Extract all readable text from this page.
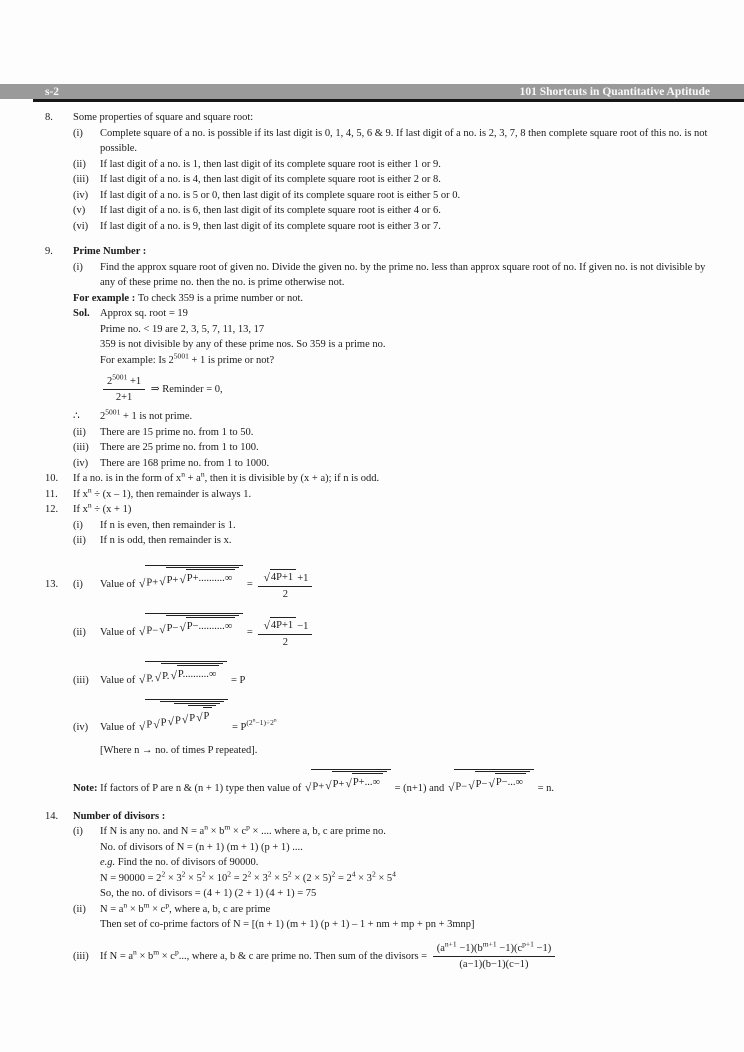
s-2	101 Shortcuts in Quantitative Aptitude
8. Some properties of square and square root:
(i) Complete square of a no. is possible if its last digit is 0, 1, 4, 5, 6 & 9. If last digit of a no. is 2, 3, 7, 8 then complete square root of this no. is not possible.
(ii) If last digit of a no. is 1, then last digit of its complete square root is either 1 or 9.
(iii) If last digit of a no. is 4, then last digit of its complete square root is either 2 or 8.
(iv) If last digit of a no. is 5 or 0, then last digit of its complete square root is either 5 or 0.
(v) If last digit of a no. is 6, then last digit of its complete square root is either 4 or 6.
(vi) If last digit of a no. is 9, then last digit of its complete square root is either 3 or 7.
9. Prime Number :
(i) Find the approx square root of given no. Divide the given no. by the prime no. less than approx square root of no. If given no. is not divisible by any of these prime no. then the no. is prime otherwise not.
For example : To check 359 is a prime number or not.
Sol. Approx sq. root = 19
Prime no. < 19 are 2, 3, 5, 7, 11, 13, 17
359 is not divisible by any of these prime nos. So 359 is a prime no.
For example: Is $2^{5001} + 1$ is prime or not?
$\frac{2^{5001} +1}{2+1}$ ⇒ Reminder = 0,
∴ $2^{5001} + 1$ is not prime.
(ii) There are 15 prime no. from 1 to 50.
(iii) There are 25 prime no. from 1 to 100.
(iv) There are 168 prime no. from 1 to 1000.
10. If a no. is in the form of $x^n + a^n$, then it is divisible by (x + a); if n is odd.
11. If $x^n \div (x - 1)$, then remainder is always 1.
12. If $x^n \div (x + 1)$
(i) If n is even, then remainder is 1.
(ii) If n is odd, then remainder is x.
13. (i) Value of √ P+ √ P+ √ P+..........∞
= $\frac{√ 4P+1 +1}{2}$
(ii) Value of √ P− √ P− √ P−..........∞
= $\frac{√ 4P+1 -1}{2}$
(iii) Value of √ P. √ P. √ P..........∞
= P
(iv) Value of √ P √ P √ P √ P √ P
= $P^{(2^n-1)\div 2^n}$
[Where n → no. of times P repeated].
Note: If factors of P are n & (n + 1) type then value of √ P+ √ P+ √ P+...∞
= (n+1) and √ P− √ P− √ P−...∞
= n.
14. Number of divisors :
(i) If N is any no. and $N = a^n \times b^m \times c^p$ × .... where a, b, c are prime no.
No. of divisors of N = (n + 1) (m + 1) (p + 1) ....
e.g. Find the no. of divisors of 90000.
$N = 90000 = 2^2 \times 3^2 \times 5^2 \times 10^2 = 2^2 \times 3^2 \times 5^2 \times (2 \times 5)^2 = 2^4 \times 3^2 \times 5^4$
So, the no. of divisors = (4 + 1) (2 + 1) (4 + 1) = 75
(ii) $N = a^n \times b^m \times c^p$, where a, b, c are prime
Then set of co-prime factors of N = [(n + 1) (m + 1) (p + 1) – 1 + nm + mp + pn + 3mnp]
(iii) If $N = a^n \times b^m \times c^p$..., where a, b & c are prime no. Then sum of the divisors = $\frac{(a^{n+1} -1)(b^{m+1} -1)(c^{p+1} -1)}{(a-1)(b-1)(c-1)}$
